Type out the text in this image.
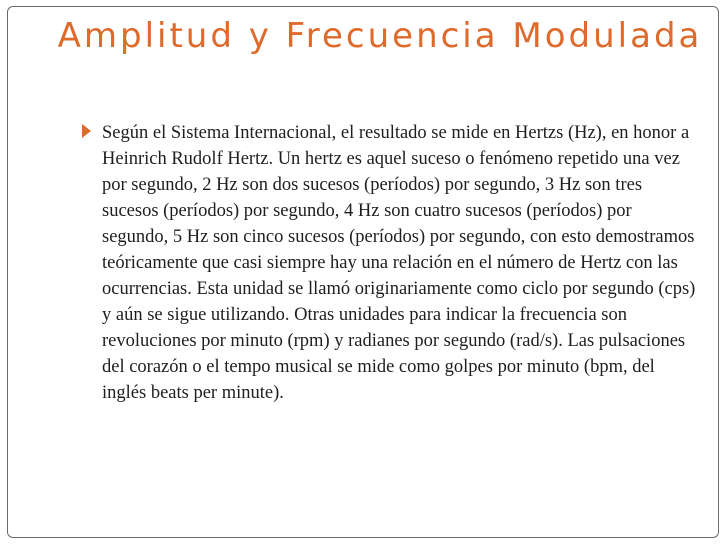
Amplitud y Frecuencia Modulada
Según el Sistema Internacional, el resultado se mide en Hertzs (Hz), en honor a Heinrich Rudolf Hertz. Un hertz es aquel suceso o fenómeno repetido una vez por segundo, 2 Hz son dos sucesos (períodos) por segundo, 3 Hz son tres sucesos (períodos) por segundo, 4 Hz son cuatro sucesos (períodos) por segundo, 5 Hz son cinco sucesos (períodos) por segundo, con esto demostramos teóricamente que casi siempre hay una relación en el número de Hertz con las ocurrencias. Esta unidad se llamó originariamente como ciclo por segundo (cps) y aún se sigue utilizando. Otras unidades para indicar la frecuencia son revoluciones por minuto (rpm) y radianes por segundo (rad/s). Las pulsaciones del corazón o el tempo musical se mide como golpes por minuto (bpm, del inglés beats per minute).
